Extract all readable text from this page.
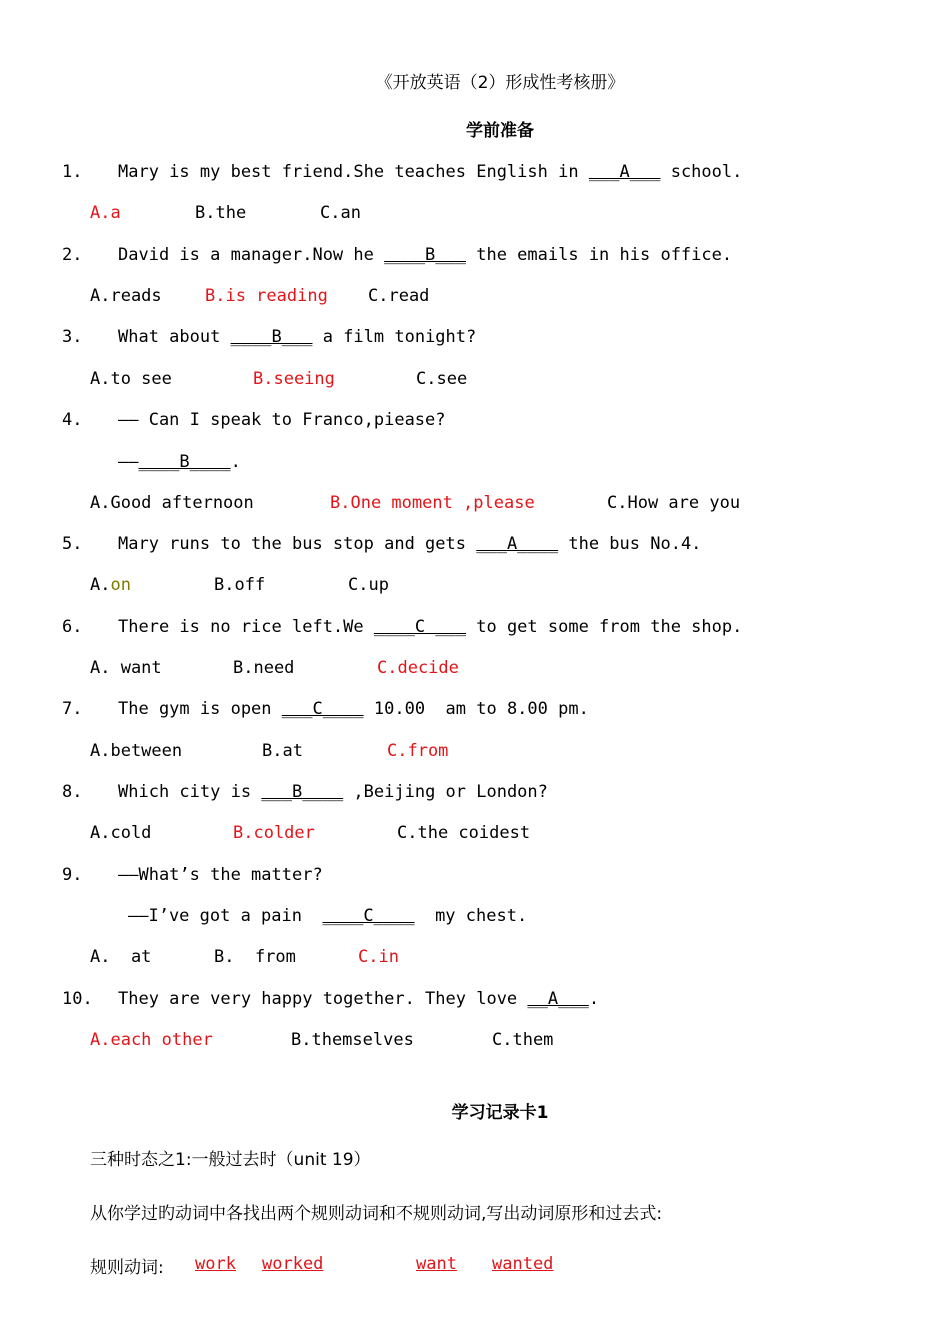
《开放英语（2）形成性考核册》
学前准备
1. Mary is my best friend.She teaches English in ___A___ school.
A.a	B.the	C.an
2. David is a manager.Now he ____B___ the emails in his office.
A.reads	B.is reading C.read
3. What about ____B___ a film tonight?
A.to see	B.seeing	C.see
4. —— Can I speak to Franco,piease?
——____B____.
A.Good afternoon	B.One moment ,please	C.How are you
5. Mary runs to the bus stop and gets ___A____ the bus No.4.
A.on	B.off	C.up
6. There is no rice left.We ____C ___ to get some from the shop.
A. want	B.need	C.decide
7. The gym is open ___C____ 10.00  am to 8.00 pm.
A.between	B.at	C.from
8. Which city is ___B____ ,Beijing or London?
A.cold	B.colder	C.the coidest
9. ——What’s the matter?
——I’ve got a pain  ____C____  my chest.
A.  at	B.  from	C.in
10. They are very happy together. They love __A___.
A.each other	B.themselves	C.them
学习记录卡1
三种时态之1:一般过去时（unit 19）
从你学过旳动词中各找出两个规则动词和不规则动词,写出动词原形和过去式:
规则动词: work worked	want wanted
